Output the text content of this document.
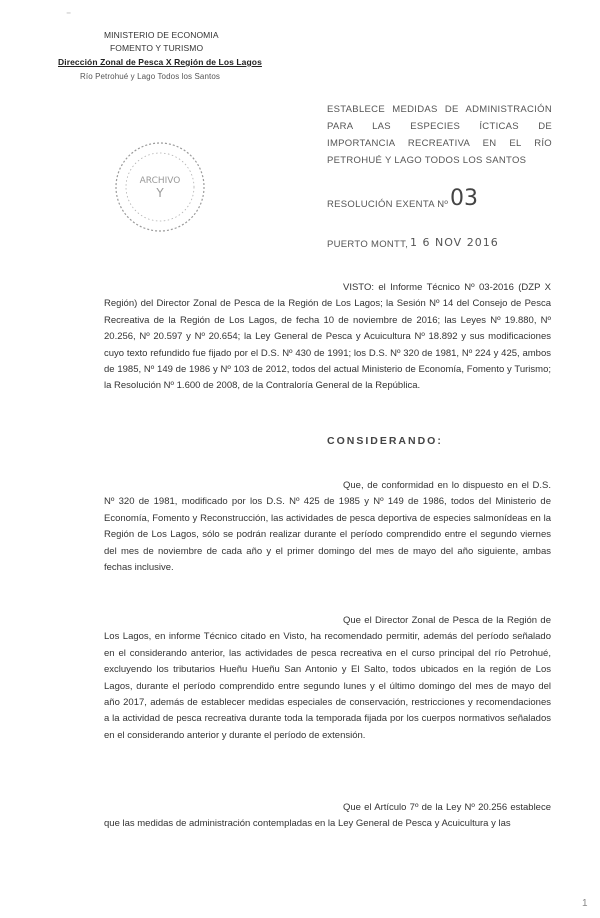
MINISTERIO DE ECONOMIA
FOMENTO Y TURISMO
Dirección Zonal de Pesca X Región de Los Lagos
Río Petrohué y Lago Todos los Santos
⁻
ESTABLECE MEDIDAS DE ADMINISTRACIÓN PARA LAS ESPECIES ÍCTICAS DE IMPORTANCIA RECREATIVA EN EL RÍO PETROHUÉ Y LAGO TODOS LOS SANTOS
ARCHIVO
Y
RESOLUCIÓN EXENTA Nº 03
PUERTO MONTT, 1 6 NOV 2016
VISTO: el Informe Técnico Nº 03-2016 (DZP X Región) del Director Zonal de Pesca de la Región de Los Lagos; la Sesión Nº 14 del Consejo de Pesca Recreativa de la Región de Los Lagos, de fecha 10 de noviembre de 2016; las Leyes Nº 19.880, Nº 20.256, Nº 20.597 y Nº 20.654; la Ley General de Pesca y Acuicultura Nº 18.892 y sus modificaciones cuyo texto refundido fue fijado por el D.S. Nº 430 de 1991; los D.S. Nº 320 de 1981, Nº 224 y 425, ambos de 1985, Nº 149 de 1986 y Nº 103 de 2012, todos del actual Ministerio de Economía, Fomento y Turismo; la Resolución Nº 1.600 de 2008, de la Contraloría General de la República.
CONSIDERANDO:
Que, de conformidad en lo dispuesto en el D.S. Nº 320 de 1981, modificado por los D.S. Nº 425 de 1985 y Nº 149 de 1986, todos del Ministerio de Economía, Fomento y Reconstrucción, las actividades de pesca deportiva de especies salmonídeas en la Región de Los Lagos, sólo se podrán realizar durante el período comprendido entre el segundo viernes del mes de noviembre de cada año y el primer domingo del mes de mayo del año siguiente, ambas fechas inclusive.
Que el Director Zonal de Pesca de la Región de Los Lagos, en informe Técnico citado en Visto, ha recomendado permitir, además del período señalado en el considerando anterior, las actividades de pesca recreativa en el curso principal del río Petrohué, excluyendo los tributarios Hueñu Hueñu San Antonio y El Salto, todos ubicados en la región de Los Lagos, durante el período comprendido entre segundo lunes y el último domingo del mes de mayo del año 2017, además de establecer medidas especiales de conservación, restricciones y recomendaciones a la actividad de pesca recreativa durante toda la temporada fijada por los cuerpos normativos señalados en el considerando anterior y durante el período de extensión.
Que el Artículo 7º de la Ley Nº 20.256 establece que las medidas de administración contempladas en la Ley General de Pesca y Acuicultura y las
1
